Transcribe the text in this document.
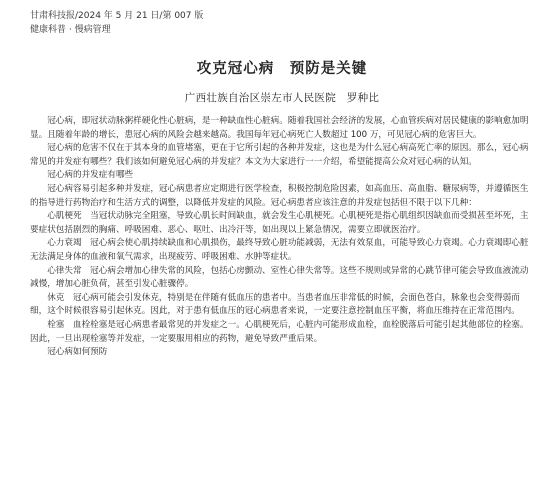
甘肃科技报/2024 年 5 月 21 日/第 007 版
健康科普 · 慢病管理
攻克冠心病　预防是关键
广西壮族自治区崇左市人民医院　罗种比

冠心病，即冠状动脉粥样硬化性心脏病，是一种缺血性心脏病。随着我国社会经济的发展，心血管疾病对居民健康的影响愈加明显。且随着年龄的增长，患冠心病的风险会越来越高。我国每年冠心病死亡人数超过 100 万，可见冠心病的危害巨大。

冠心病的危害不仅在于其本身的血管堵塞，更在于它所引起的各种并发症，这也是为什么冠心病高死亡率的原因。那么，冠心病常见的并发症有哪些？我们该如何避免冠心病的并发症？本文为大家进行一一介绍，希望能提高公众对冠心病的认知。

冠心病的并发症有哪些

冠心病容易引起多种并发症，冠心病患者应定期进行医学检查，积极控制危险因素，如高血压、高血脂、糖尿病等，并遵循医生的指导进行药物治疗和生活方式的调整，以降低并发症的风险。冠心病患者应该注意的并发症包括但不限于以下几种：

心肌梗死　当冠状动脉完全阻塞，导致心肌长时间缺血，就会发生心肌梗死。心肌梗死是指心肌组织因缺血而受损甚至坏死，主要症状包括剧烈的胸痛、呼吸困难、恶心、呕吐、出冷汗等，如出现以上紧急情况，需要立即就医治疗。

心力衰竭　冠心病会使心肌持续缺血和心肌损伤，最终导致心脏功能减弱，无法有效泵血，可能导致心力衰竭。心力衰竭即心脏无法满足身体的血液和氧气需求，出现疲劳、呼吸困难、水肿等症状。

心律失常　冠心病会增加心律失常的风险，包括心房颤动、室性心律失常等。这些不规则或异常的心跳节律可能会导致血液流动减慢，增加心脏负荷，甚至引发心脏骤停。

休克　冠心病可能会引发休克，特别是在伴随有低血压的患者中。当患者血压非常低的时候，会面色苍白，脉象也会变得弱而细，这个时候很容易引起休克。因此，对于患有低血压的冠心病患者来说，一定要注意控制血压平衡，将血压维持在正常范围内。

栓塞　血栓栓塞是冠心病患者最常见的并发症之一。心肌梗死后，心脏内可能形成血栓，血栓脱落后可能引起其他部位的栓塞。因此，一旦出现栓塞等并发症，一定要服用相应的药物，避免导致严重后果。

冠心病如何预防
